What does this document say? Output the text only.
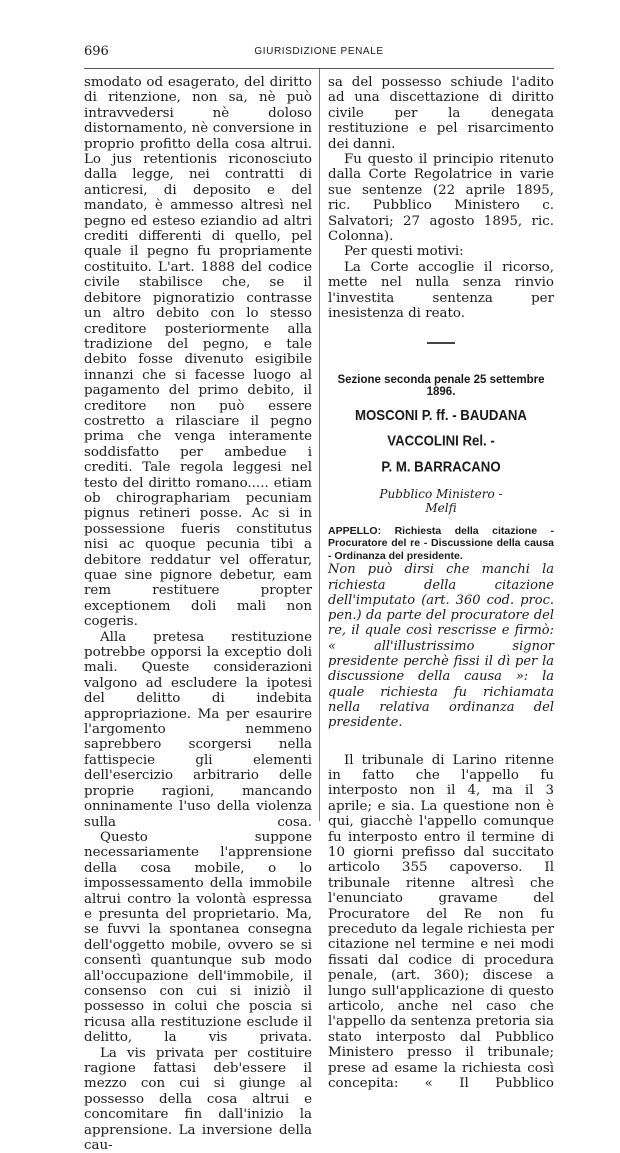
696	GIURISDIZIONE PENALE

smodato od esagerato, del diritto di ritenzione, non sa, nè può intravvedersi nè doloso distornamento, nè conversione in proprio profitto della cosa altrui. Lo jus retentionis riconosciuto dalla legge, nei contratti di anticresi, di deposito e del mandato, è ammesso altresì nel pegno ed esteso eziandio ad altri crediti differenti di quello, pel quale il pegno fu propriamente costituito. L'art. 1888 del codice civile stabilisce che, se il debitore pignoratizio contrasse un altro debito con lo stesso creditore posteriormente alla tradizione del pegno, e tale debito fosse divenuto esigibile innanzi che si facesse luogo al pagamento del primo debito, il creditore non può essere costretto a rilasciare il pegno prima che venga interamente soddisfatto per ambedue i crediti. Tale regola leggesi nel testo del diritto romano..... etiam ob chirographariam pecuniam pignus retineri posse. Ac si in possessione fueris constitutus nisi ac quoque pecunia tibi a debitore reddatur vel offeratur, quae sine pignore debetur, eam rem restituere propter exceptionem doli mali non cogeris.

Alla pretesa restituzione potrebbe opporsi la exceptio doli mali. Queste considerazioni valgono ad escludere la ipotesi del delitto di indebita appropriazione. Ma per esaurire l'argomento nemmeno saprebbero scorgersi nella fattispecie gli elementi dell'esercizio arbitrario delle proprie ragioni, mancando onninamente l'uso della violenza sulla cosa.

Questo suppone necessariamente l'apprensione della cosa mobile, o lo impossessamento della immobile altrui contro la volontà espressa e presunta del proprietario. Ma, se fuvvi la spontanea consegna dell'oggetto mobile, ovvero se si consentì quantunque sub modo all'occupazione dell'immobile, il consenso con cui si iniziò il possesso in colui che poscia si ricusa alla restituzione esclude il delitto, la vis privata.

La vis privata per costituire ragione fattasi deb'essere il mezzo con cui si giunge al possesso della cosa altrui e concomitare fin dall'inizio la apprensione. La inversione della cau-

sa del possesso schiude l'adito ad una discettazione di diritto civile per la denegata restituzione e pel risarcimento dei danni.

Fu questo il principio ritenuto dalla Corte Regolatrice in varie sue sentenze (22 aprile 1895, ric. Pubblico Ministero c. Salvatori; 27 agosto 1895, ric. Colonna).

Per questi motivi:

La Corte accoglie il ricorso, mette nel nulla senza rinvio l'investita sentenza per inesistenza di reato.

Sezione seconda penale 25 settembre 1896.

MOSCONI P. ff. - BAUDANA VACCOLINI Rel. -
P. M. BARRACANO
Pubblico Ministero -
Melfi

APPELLO: Richiesta della citazione - Procuratore del re - Discussione della causa - Ordinanza del presidente.

Non può dirsi che manchi la richiesta della citazione dell'imputato (art. 360 cod. proc. pen.) da parte del procuratore del re, il quale così rescrisse e firmò: « all'illustrissimo signor presidente perchè fissi il dì per la discussione della causa »: la quale richiesta fu richiamata nella relativa ordinanza del presidente.

Il tribunale di Larino ritenne in fatto che l'appello fu interposto non il 4, ma il 3 aprile; e sia. La questione non è qui, giacchè l'appello comunque fu interposto entro il termine di 10 giorni prefisso dal succitato articolo 355 capoverso. Il tribunale ritenne altresì che l'enunciato gravame del Procuratore del Re non fu preceduto da legale richiesta per citazione nel termine e nei modi fissati dal codice di procedura penale, (art. 360); discese a lungo sull'applicazione di questo articolo, anche nel caso che l'appello da sentenza pretoria sia stato interposto dal Pubblico Ministero presso il tribunale; prese ad esame la richiesta così concepita: « Il Pubblico
